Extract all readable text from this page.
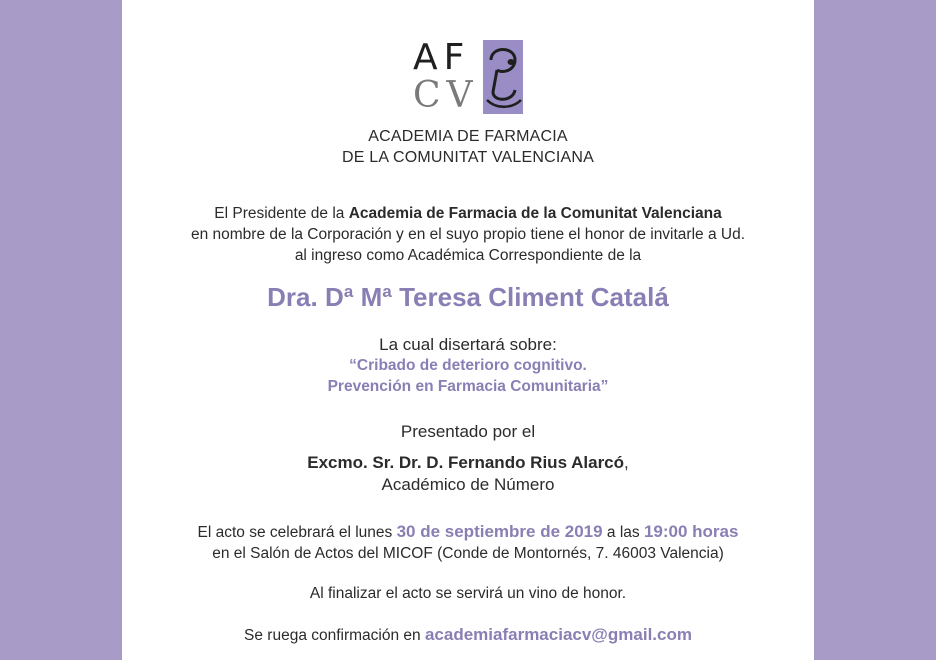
AF
CV
ACADEMIA DE FARMACIA
DE LA COMUNITAT VALENCIANA
El Presidente de la Academia de Farmacia de la Comunitat Valenciana
en nombre de la Corporación y en el suyo propio tiene el honor de invitarle a Ud.
al ingreso como Académica Correspondiente de la
Dra. Dª Mª Teresa Climent Catalá
La cual disertará sobre:
“Cribado de deterioro cognitivo.
Prevención en Farmacia Comunitaria”
Presentado por el
Excmo. Sr. Dr. D. Fernando Rius Alarcó,
Académico de Número
El acto se celebrará el lunes 30 de septiembre de 2019 a las 19:00 horas
en el Salón de Actos del MICOF (Conde de Montornés, 7. 46003 Valencia)
Al finalizar el acto se servirá un vino de honor.
Se ruega confirmación en academiafarmaciacv@gmail.com
